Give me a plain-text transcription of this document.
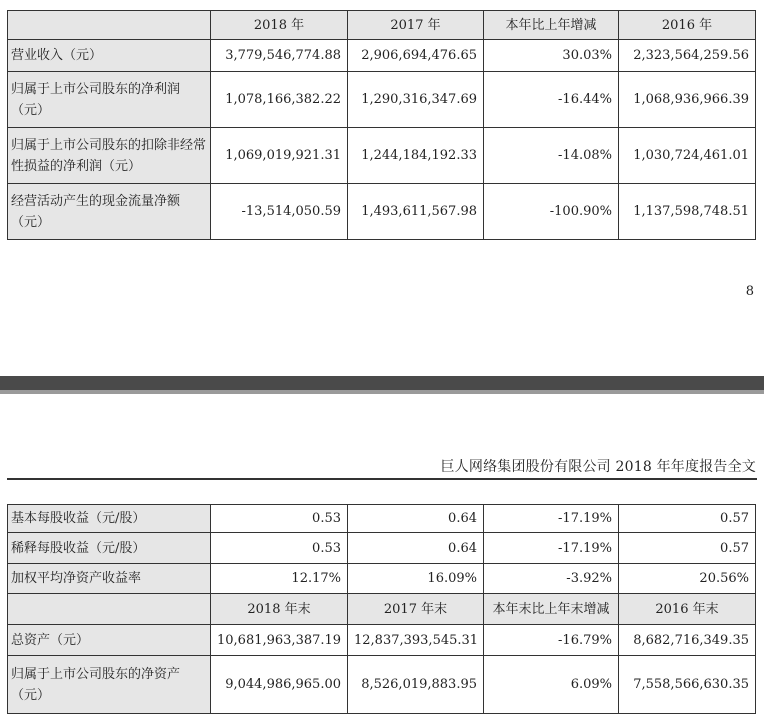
	2018 年	2017 年	本年比上年增减	2016 年
营业收入（元）	3,779,546,774.88	2,906,694,476.65	30.03%	2,323,564,259.56
归属于上市公司股东的净利润（元）	1,078,166,382.22	1,290,316,347.69	-16.44%	1,068,936,966.39
归属于上市公司股东的扣除非经常性损益的净利润（元）	1,069,019,921.31	1,244,184,192.33	-14.08%	1,030,724,461.01
经营活动产生的现金流量净额（元）	-13,514,050.59	1,493,611,567.98	-100.90%	1,137,598,748.51
8
巨人网络集团股份有限公司 2018 年年度报告全文
基本每股收益（元/股）	0.53	0.64	-17.19%	0.57
稀释每股收益（元/股）	0.53	0.64	-17.19%	0.57
加权平均净资产收益率	12.17%	16.09%	-3.92%	20.56%
	2018 年末	2017 年末	本年末比上年末增减	2016 年末
总资产（元）	10,681,963,387.19	12,837,393,545.31	-16.79%	8,682,716,349.35
归属于上市公司股东的净资产（元）	9,044,986,965.00	8,526,019,883.95	6.09%	7,558,566,630.35
